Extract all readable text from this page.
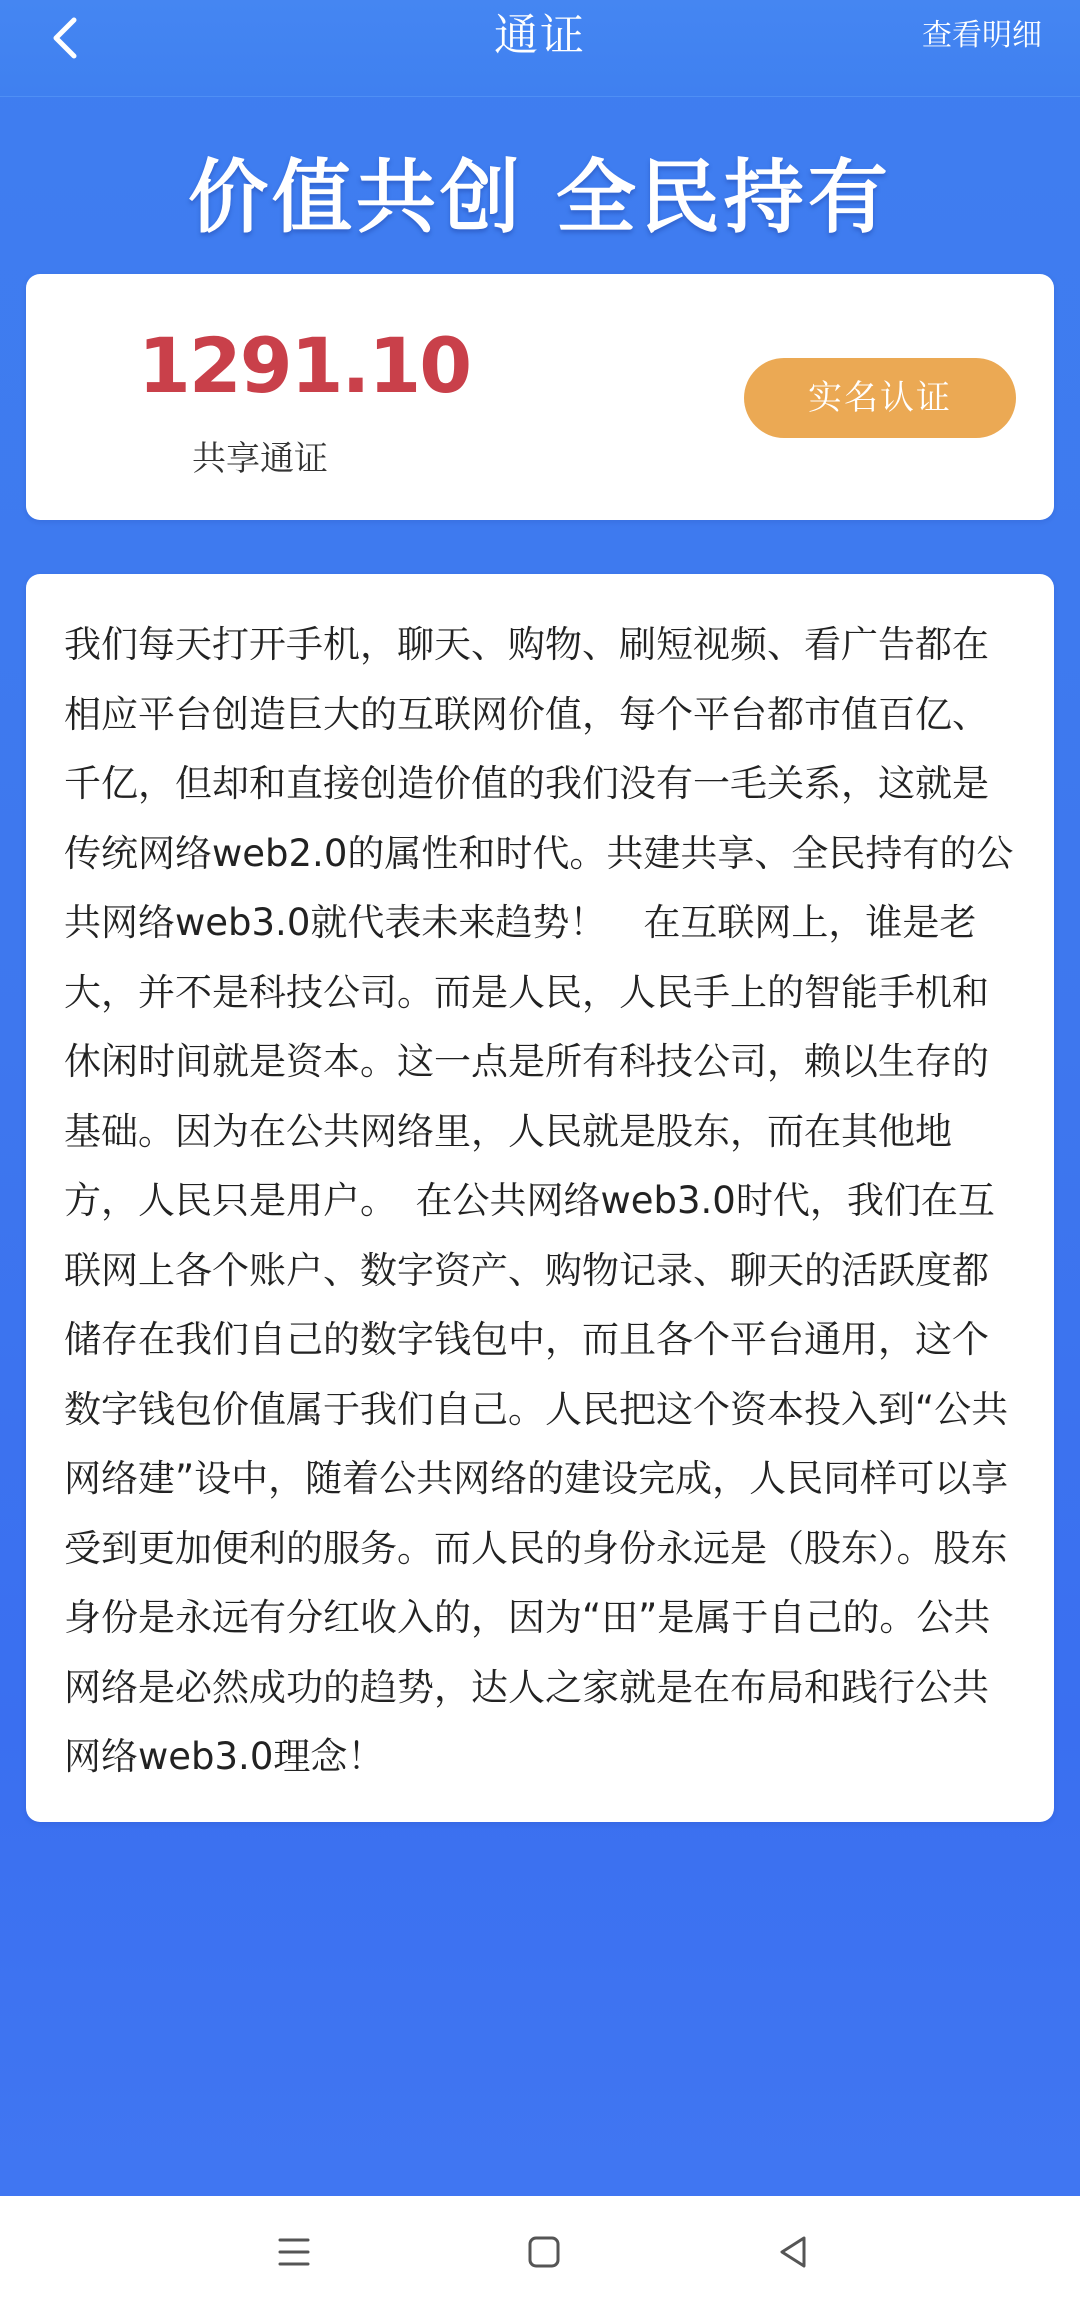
通证	查看明细
价值共创 全民持有
1291.10
共享通证
实名认证

我们每天打开手机，聊天、购物、刷短视频、看广告都在相应平台创造巨大的互联网价值，每个平台都市值百亿、千亿，但却和直接创造价值的我们没有一毛关系，这就是传统网络web2.0的属性和时代。共建共享、全民持有的公共网络web3.0就代表未来趋势！　在互联网上，谁是老大，并不是科技公司。而是人民，人民手上的智能手机和休闲时间就是资本。这一点是所有科技公司，赖以生存的基础。因为在公共网络里，人民就是股东，而在其他地方，人民只是用户。　在公共网络web3.0时代，我们在互联网上各个账户、数字资产、购物记录、聊天的活跃度都储存在我们自己的数字钱包中，而且各个平台通用，这个数字钱包价值属于我们自己。人民把这个资本投入到“公共网络建”设中，随着公共网络的建设完成，人民同样可以享受到更加便利的服务。而人民的身份永远是（股东）。股东身份是永远有分红收入的，因为“田”是属于自己的。公共网络是必然成功的趋势，达人之家就是在布局和践行公共网络web3.0理念！
